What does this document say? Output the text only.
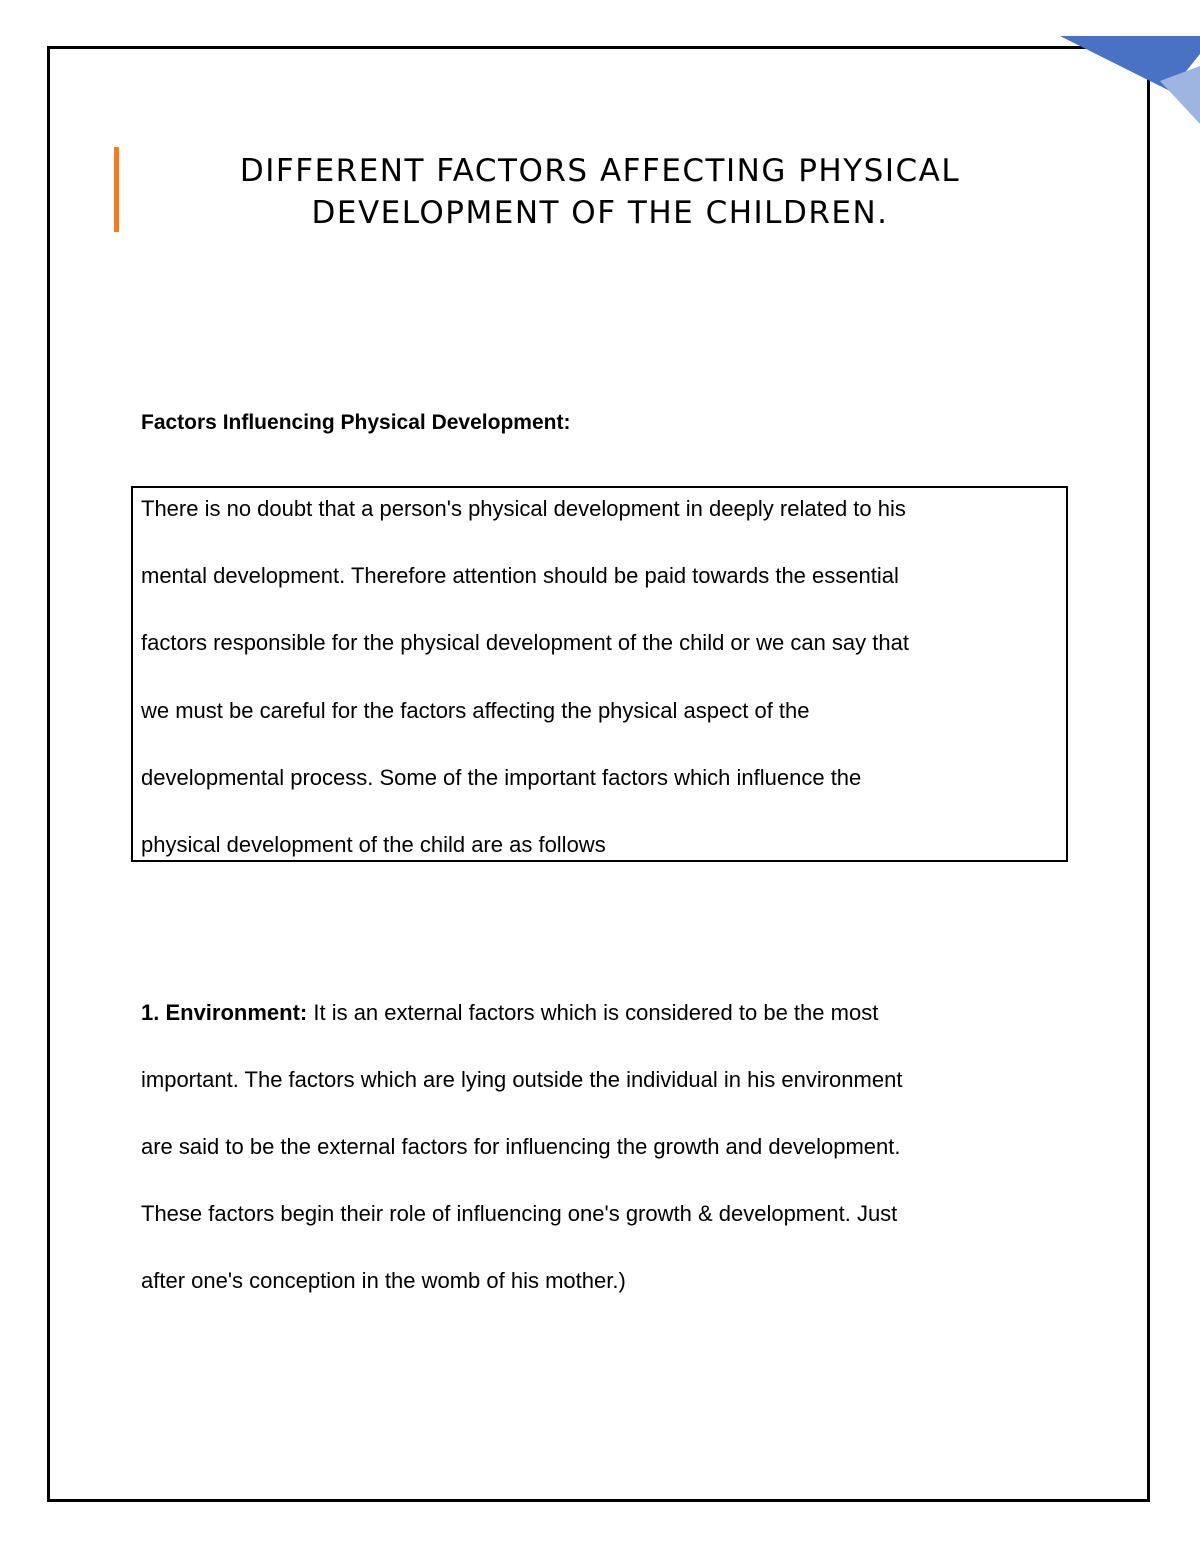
DIFFERENT FACTORS AFFECTING PHYSICAL
DEVELOPMENT OF THE CHILDREN.
Factors Influencing Physical Development:

There is no doubt that a person's physical development in deeply related to his
mental development. Therefore attention should be paid towards the essential
factors responsible for the physical development of the child or we can say that
we must be careful for the factors affecting the physical aspect of the
developmental process. Some of the important factors which influence the
physical development of the child are as follows

1. Environment: It is an external factors which is considered to be the most
important. The factors which are lying outside the individual in his environment
are said to be the external factors for influencing the growth and development.
These factors begin their role of influencing one's growth & development. Just
after one's conception in the womb of his mother.)
